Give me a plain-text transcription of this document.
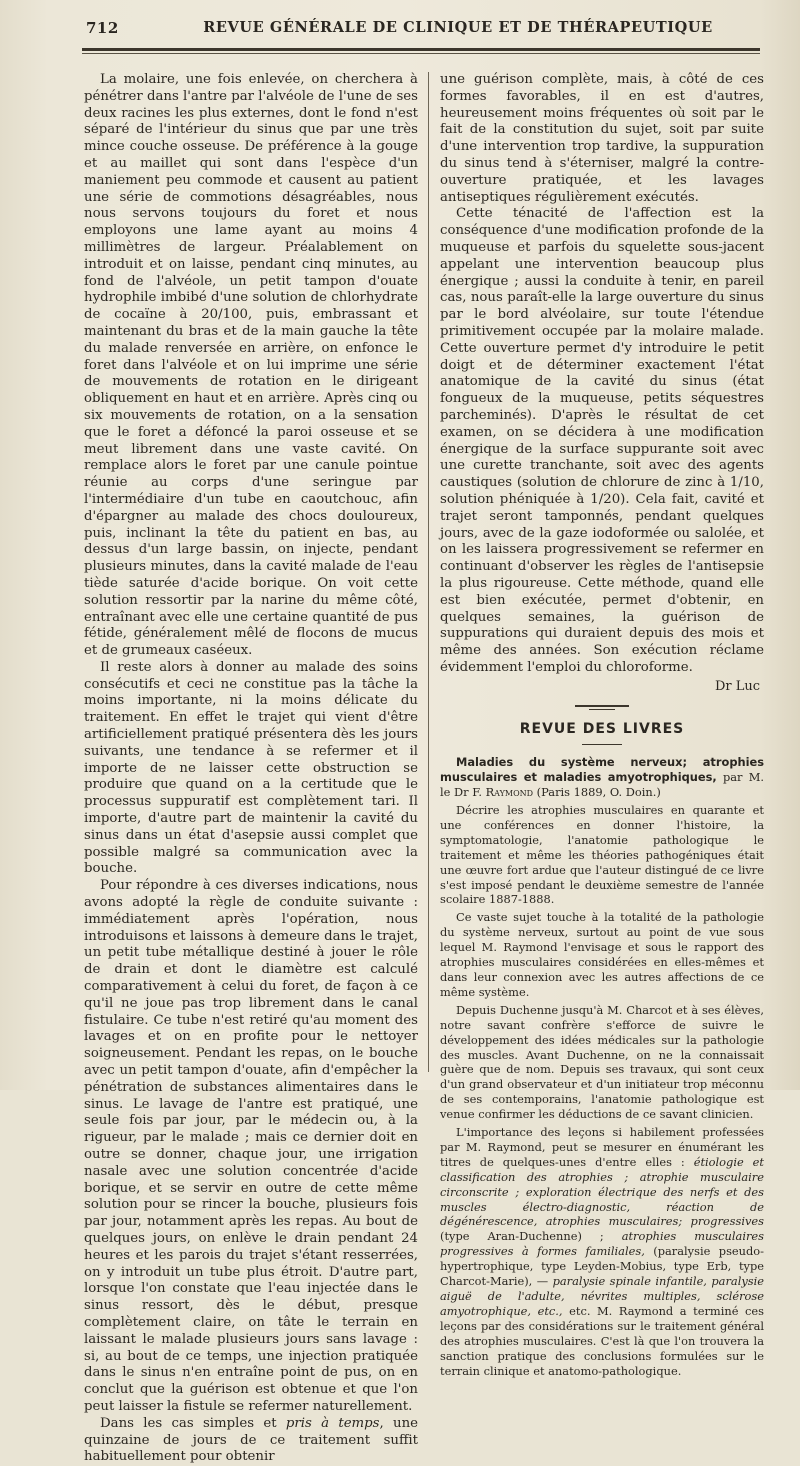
712	REVUE GÉNÉRALE DE CLINIQUE ET DE THÉRAPEUTIQUE

La molaire, une fois enlevée, on cherchera à pénétrer dans l'antre par l'alvéole de l'une de ses deux racines les plus externes, dont le fond n'est séparé de l'intérieur du sinus que par une très mince couche osseuse. De préférence à la gouge et au maillet qui sont dans l'espèce d'un maniement peu commode et causent au patient une série de commotions désagréables, nous nous servons toujours du foret et nous employons une lame ayant au moins 4 millimètres de largeur. Préalablement on introduit et on laisse, pendant cinq minutes, au fond de l'alvéole, un petit tampon d'ouate hydrophile imbibé d'une solution de chlorhydrate de cocaïne à 20/100, puis, embrassant et maintenant du bras et de la main gauche la tête du malade renversée en arrière, on enfonce le foret dans l'alvéole et on lui imprime une série de mouvements de rotation en le dirigeant obliquement en haut et en arrière. Après cinq ou six mouvements de rotation, on a la sensation que le foret a défoncé la paroi osseuse et se meut librement dans une vaste cavité. On remplace alors le foret par une canule pointue réunie au corps d'une seringue par l'intermédiaire d'un tube en caoutchouc, afin d'épargner au malade des chocs douloureux, puis, inclinant la tête du patient en bas, au dessus d'un large bassin, on injecte, pendant plusieurs minutes, dans la cavité malade de l'eau tiède saturée d'acide borique. On voit cette solution ressortir par la narine du même côté, entraînant avec elle une certaine quantité de pus fétide, généralement mêlé de flocons de mucus et de grumeaux caséeux.

Il reste alors à donner au malade des soins consécutifs et ceci ne constitue pas la tâche la moins importante, ni la moins délicate du traitement. En effet le trajet qui vient d'être artificiellement pratiqué présentera dès les jours suivants, une tendance à se refermer et il importe de ne laisser cette obstruction se produire que quand on a la certitude que le processus suppuratif est complètement tari. Il importe, d'autre part de maintenir la cavité du sinus dans un état d'asepsie aussi complet que possible malgré sa communication avec la bouche.

Pour répondre à ces diverses indications, nous avons adopté la règle de conduite suivante : immédiatement après l'opération, nous introduisons et laissons à demeure dans le trajet, un petit tube métallique destiné à jouer le rôle de drain et dont le diamètre est calculé comparativement à celui du foret, de façon à ce qu'il ne joue pas trop librement dans le canal fistulaire. Ce tube n'est retiré qu'au moment des lavages et on en profite pour le nettoyer soigneusement. Pendant les repas, on le bouche avec un petit tampon d'ouate, afin d'empêcher la pénétration de substances alimentaires dans le sinus. Le lavage de l'antre est pratiqué, une seule fois par jour, par le médecin ou, à la rigueur, par le malade ; mais ce dernier doit en outre se donner, chaque jour, une irrigation nasale avec une solution concentrée d'acide borique, et se servir en outre de cette même solution pour se rincer la bouche, plusieurs fois par jour, notamment après les repas. Au bout de quelques jours, on enlève le drain pendant 24 heures et les parois du trajet s'étant resserrées, on y introduit un tube plus étroit. D'autre part, lorsque l'on constate que l'eau injectée dans le sinus ressort, dès le début, presque complètement claire, on tâte le terrain en laissant le malade plusieurs jours sans lavage : si, au bout de ce temps, une injection pratiquée dans le sinus n'en entraîne point de pus, on en conclut que la guérison est obtenue et que l'on peut laisser la fistule se refermer naturellement.

Dans les cas simples et pris à temps, une quinzaine de jours de ce traitement suffit habituellement pour obtenir

une guérison complète, mais, à côté de ces formes favorables, il en est d'autres, heureusement moins fréquentes où soit par le fait de la constitution du sujet, soit par suite d'une intervention trop tardive, la suppuration du sinus tend à s'éterniser, malgré la contre-ouverture pratiquée, et les lavages antiseptiques régulièrement exécutés.

Cette ténacité de l'affection est la conséquence d'une modification profonde de la muqueuse et parfois du squelette sous-jacent appelant une intervention beaucoup plus énergique ; aussi la conduite à tenir, en pareil cas, nous paraît-elle la large ouverture du sinus par le bord alvéolaire, sur toute l'étendue primitivement occupée par la molaire malade. Cette ouverture permet d'y introduire le petit doigt et de déterminer exactement l'état anatomique de la cavité du sinus (état fongueux de la muqueuse, petits séquestres parcheminés). D'après le résultat de cet examen, on se décidera à une modification énergique de la surface suppurante soit avec une curette tranchante, soit avec des agents caustiques (solution de chlorure de zinc à 1/10, solution phéniquée à 1/20). Cela fait, cavité et trajet seront tamponnés, pendant quelques jours, avec de la gaze iodoformée ou salolée, et on les laissera progressivement se refermer en continuant d'observer les règles de l'antisepsie la plus rigoureuse. Cette méthode, quand elle est bien exécutée, permet d'obtenir, en quelques semaines, la guérison de suppurations qui duraient depuis des mois et même des années. Son exécution réclame évidemment l'emploi du chloroforme.

Dr Luc
REVUE DES LIVRES

Maladies du système nerveux; atrophies musculaires et maladies amyotrophiques, par M. le Dr F. Raymond (Paris 1889, O. Doin.)

Décrire les atrophies musculaires en quarante et une conférences en donner l'histoire, la symptomatologie, l'anatomie pathologique le traitement et même les théories pathogéniques était une œuvre fort ardue que l'auteur distingué de ce livre s'est imposé pendant le deuxième semestre de l'année scolaire 1887-1888.

Ce vaste sujet touche à la totalité de la pathologie du système nerveux, surtout au point de vue sous lequel M. Raymond l'envisage et sous le rapport des atrophies musculaires considérées en elles-mêmes et dans leur connexion avec les autres affections de ce même système.

Depuis Duchenne jusqu'à M. Charcot et à ses élèves, notre savant confrère s'efforce de suivre le développement des idées médicales sur la pathologie des muscles. Avant Duchenne, on ne la connaissait guère que de nom. Depuis ses travaux, qui sont ceux d'un grand observateur et d'un initiateur trop méconnu de ses contemporains, l'anatomie pathologique est venue confirmer les déductions de ce savant clinicien.

L'importance des leçons si habilement professées par M. Raymond, peut se mesurer en énumérant les titres de quelques-unes d'entre elles : étiologie et classification des atrophies ; atrophie musculaire circonscrite ; exploration électrique des nerfs et des muscles électro-diagnostic, réaction de dégénérescence, atrophies musculaires; progressives (type Aran-Duchenne) ; atrophies musculaires progressives à formes familiales, (paralysie pseudo-hypertrophique, type Leyden-Mobius, type Erb, type Charcot-Marie), — paralysie spinale infantile, paralysie aiguë de l'adulte, névrites multiples, sclérose amyotrophique, etc., etc. M. Raymond a terminé ces leçons par des considérations sur le traitement général des atrophies musculaires. C'est là que l'on trouvera la sanction pratique des conclusions formulées sur le terrain clinique et anatomo-pathologique.
